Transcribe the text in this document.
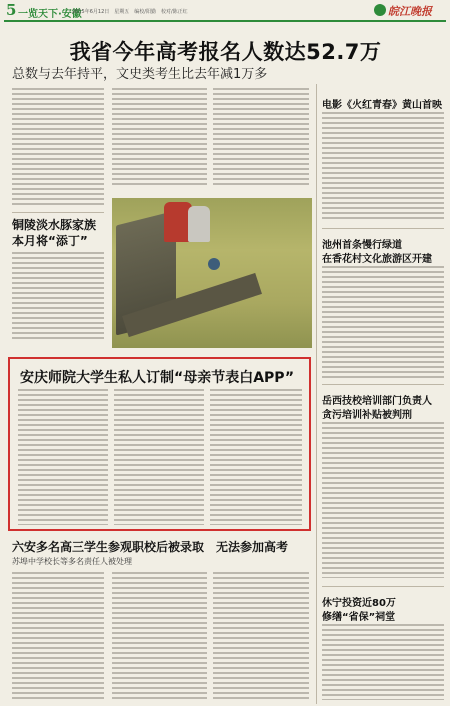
5 一览天下·安徽
2015年6月12日　星期五　编校/阳勤　校对/陈正红	皖江晚报
我省今年高考报名人数达52.7万
总数与去年持平，文史类考生比去年减1万多
铜陵淡水豚家族
本月将“添丁”
安庆师院大学生私人订制“母亲节表白APP”
六安多名高三学生参观职校后被录取　无法参加高考
苏埠中学校长等多名责任人被处理
电影《火红青春》黄山首映
池州首条慢行绿道
在香花村文化旅游区开建
岳西技校培训部门负责人
贪污培训补贴被判刑
休宁投资近80万
修缮“省保”祠堂
